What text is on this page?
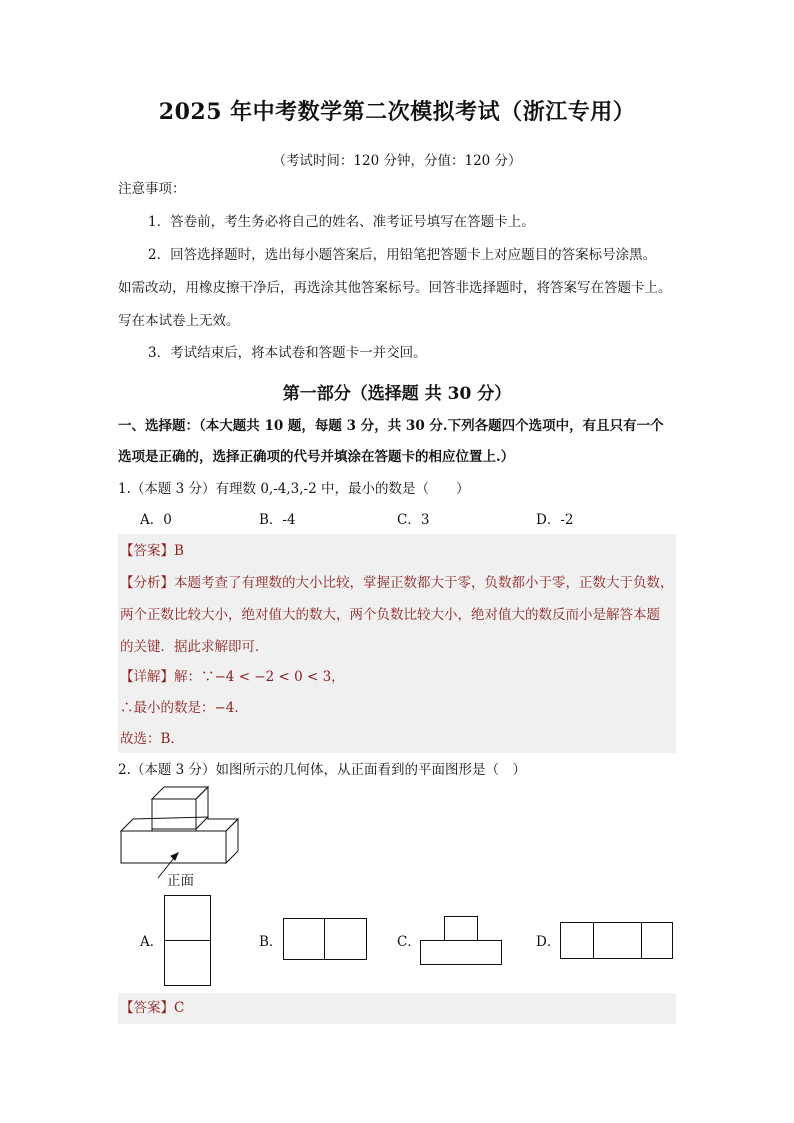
2025 年中考数学第二次模拟考试（浙江专用）
（考试时间：120 分钟，分值：120 分）
注意事项：
1．答卷前，考生务必将自己的姓名、准考证号填写在答题卡上。
2．回答选择题时，选出每小题答案后，用铅笔把答题卡上对应题目的答案标号涂黑。
如需改动，用橡皮擦干净后，再选涂其他答案标号。回答非选择题时，将答案写在答题卡上。
写在本试卷上无效。
3．考试结束后，将本试卷和答题卡一并交回。
第一部分（选择题 共 30 分）
一、选择题：（本大题共 10 题，每题 3 分，共 30 分.下列各题四个选项中，有且只有一个
选项是正确的，选择正确项的代号并填涂在答题卡的相应位置上.）
1.（本题 3 分）有理数 0,-4,3,-2 中，最小的数是（　　）
A．0	B．-4	C．3	D．-2
【答案】B
【分析】本题考查了有理数的大小比较，掌握正数都大于零，负数都小于零，正数大于负数，
两个正数比较大小，绝对值大的数大，两个负数比较大小，绝对值大的数反而小是解答本题
的关键．据此求解即可．
【详解】解：∵−4 < −2 < 0 < 3，
∴最小的数是：−4．
故选：B．
2.（本题 3 分）如图所示的几何体，从正面看到的平面图形是（　）
正面
A．	B．	C．	D．
【答案】C
